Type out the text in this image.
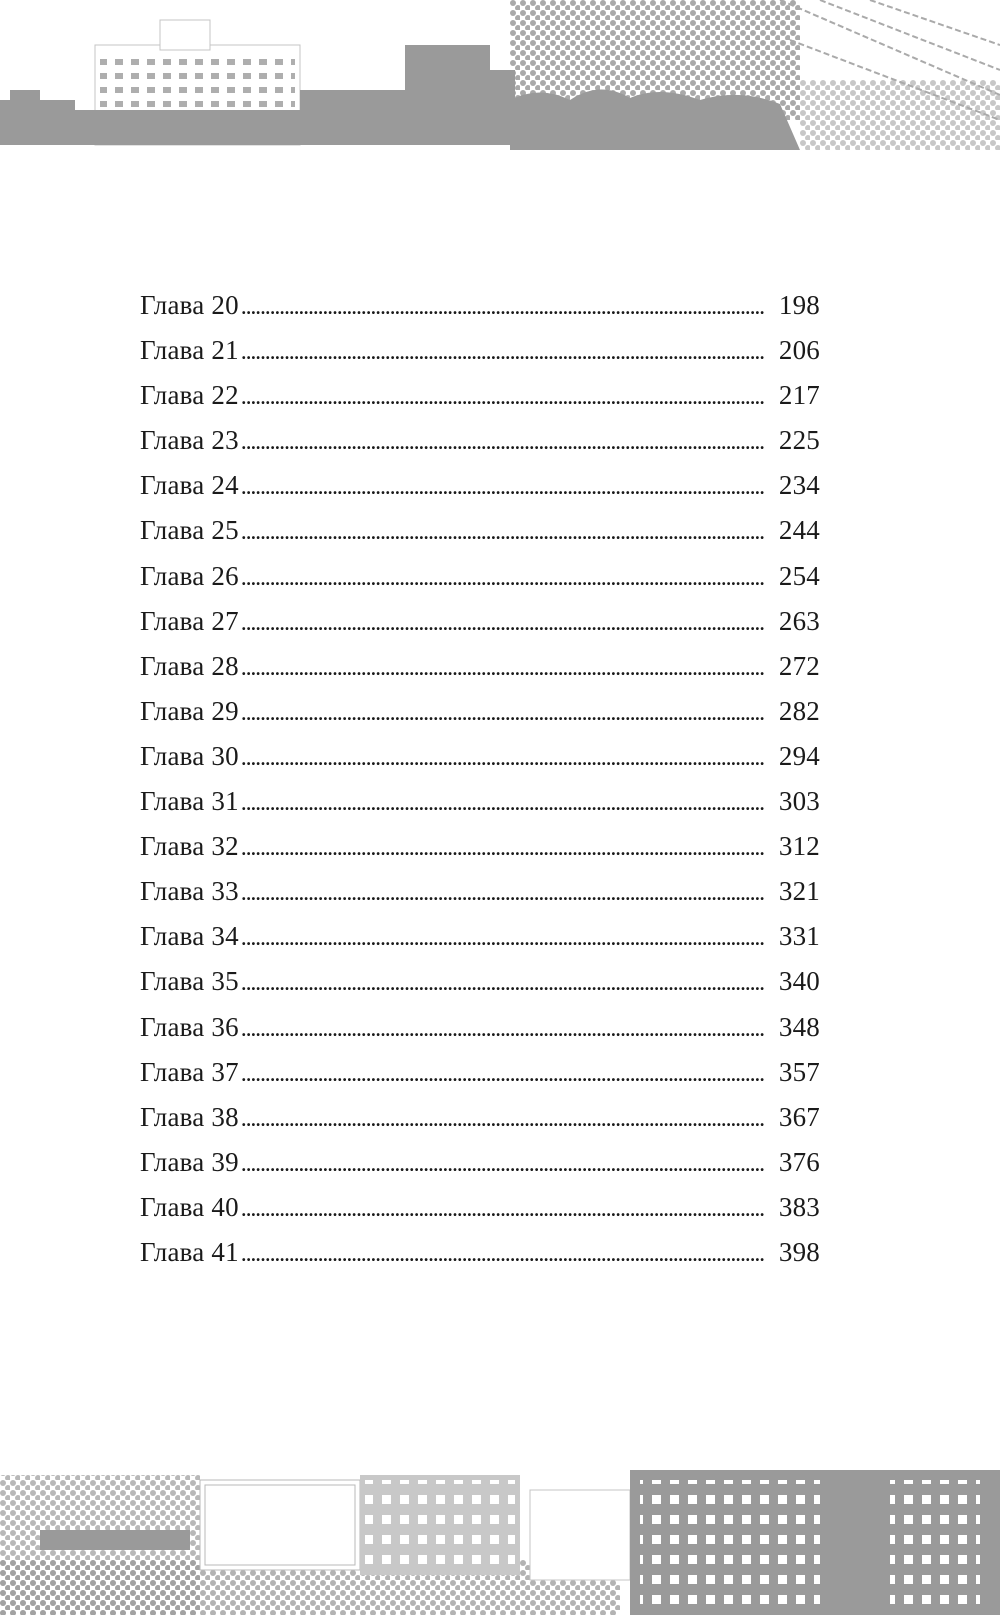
Глава 20 . . .	198
Глава 21 . . .	206
Глава 22 . . .	217
Глава 23 . . .	225
Глава 24 . . .	234
Глава 25 . . .	244
Глава 26 . . .	254
Глава 27 . . .	263
Глава 28 . . .	272
Глава 29 . . .	282
Глава 30 . . .	294
Глава 31 . . .	303
Глава 32 . . .	312
Глава 33 . . .	321
Глава 34 . . .	331
Глава 35 . . .	340
Глава 36 . . .	348
Глава 37 . . .	357
Глава 38 . . .	367
Глава 39 . . .	376
Глава 40 . . .	383
Глава 41 . . .	398
